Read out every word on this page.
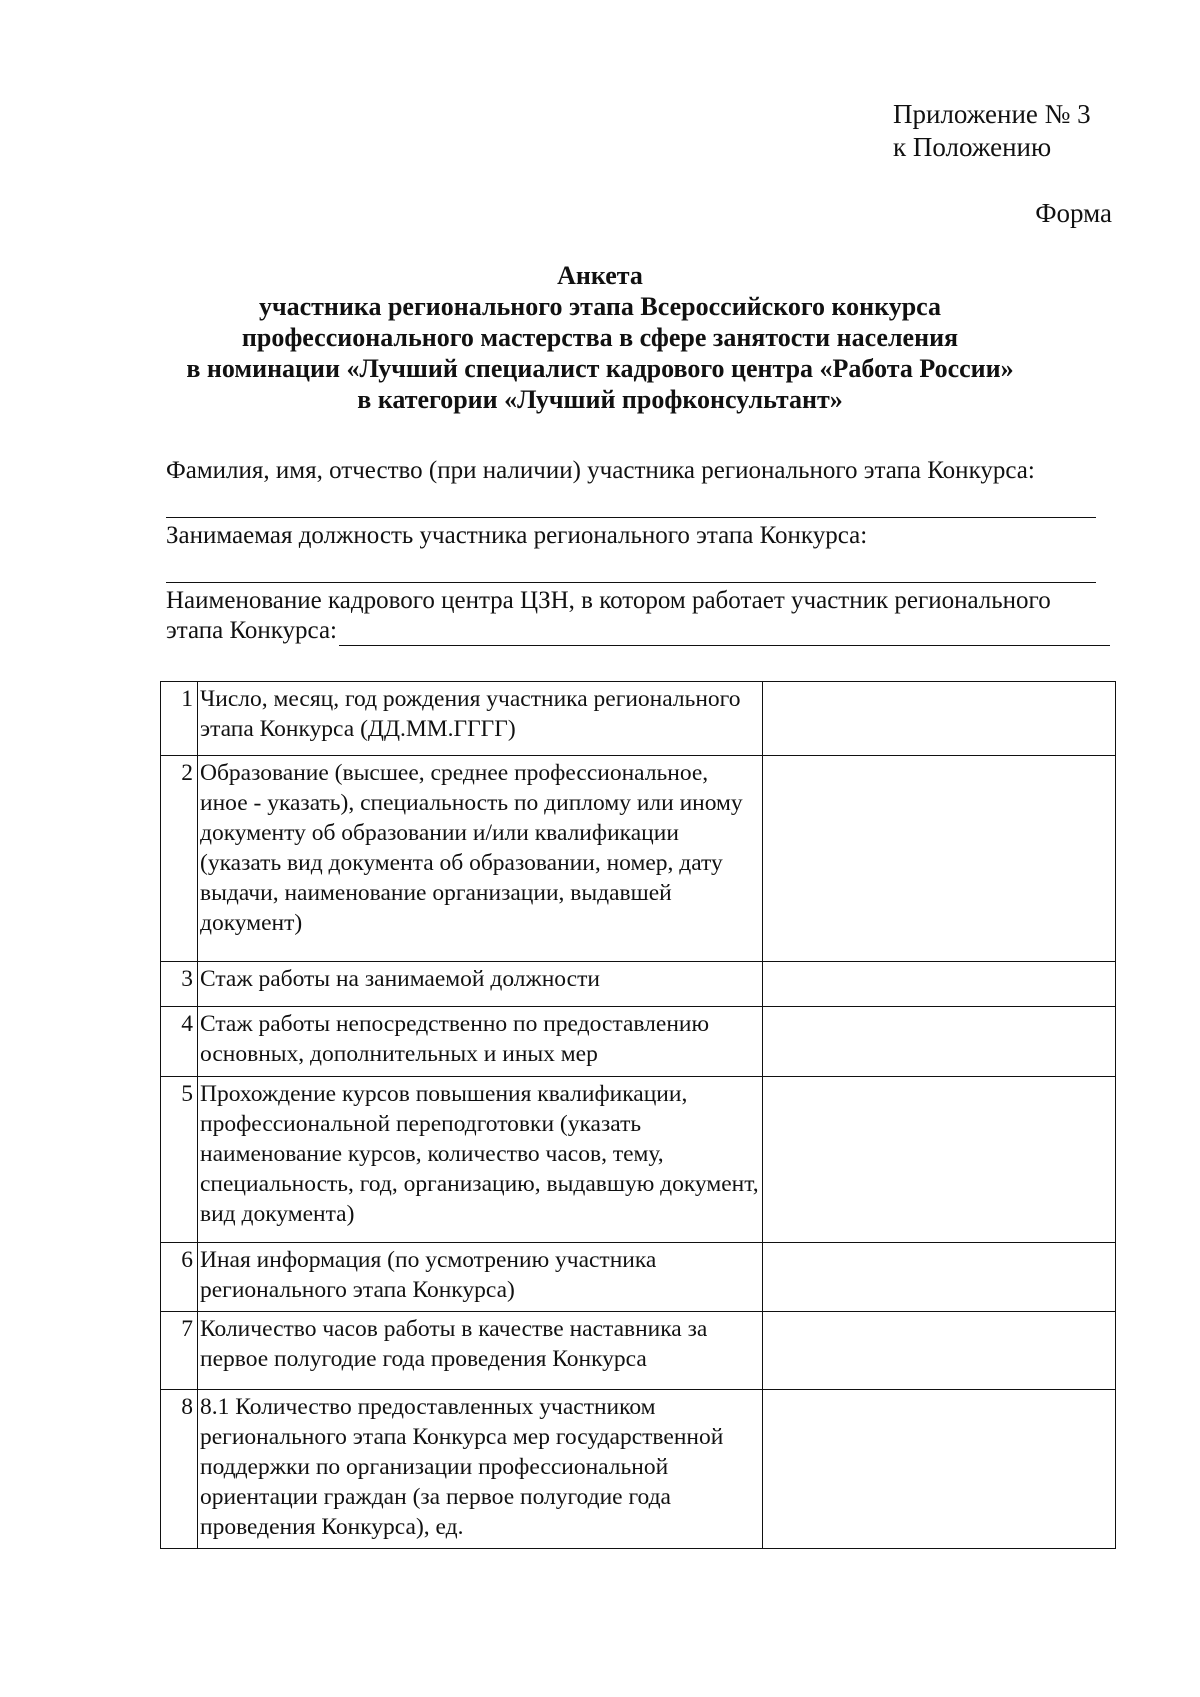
Приложение № 3
к Положению
Форма
Анкета
участника регионального этапа Всероссийского конкурса
профессионального мастерства в сфере занятости населения
в номинации «Лучший специалист кадрового центра «Работа России»
в категории «Лучший профконсультант»
Фамилия, имя, отчество (при наличии) участника регионального этапа Конкурса:
Занимаемая должность участника регионального этапа Конкурса:
Наименование кадрового центра ЦЗН, в котором работает участник регионального
этапа Конкурса:
1	Число, месяц, год рождения участника регионального этапа Конкурса (ДД.ММ.ГГГГ)	
2	Образование (высшее, среднее профессиональное, иное - указать), специальность по диплому или иному документу об образовании и/или квалификации (указать вид документа об образовании, номер, дату выдачи, наименование организации, выдавшей документ)	
3	Стаж работы на занимаемой должности	
4	Стаж работы непосредственно по предоставлению основных, дополнительных и иных мер	
5	Прохождение курсов повышения квалификации, профессиональной переподготовки (указать наименование курсов, количество часов, тему, специальность, год, организацию, выдавшую документ, вид документа)	
6	Иная информация (по усмотрению участника регионального этапа Конкурса)	
7	Количество часов работы в качестве наставника за первое полугодие года проведения Конкурса	
8	8.1 Количество предоставленных участником регионального этапа Конкурса мер государственной поддержки по организации профессиональной ориентации граждан (за первое полугодие года проведения Конкурса), ед.	
